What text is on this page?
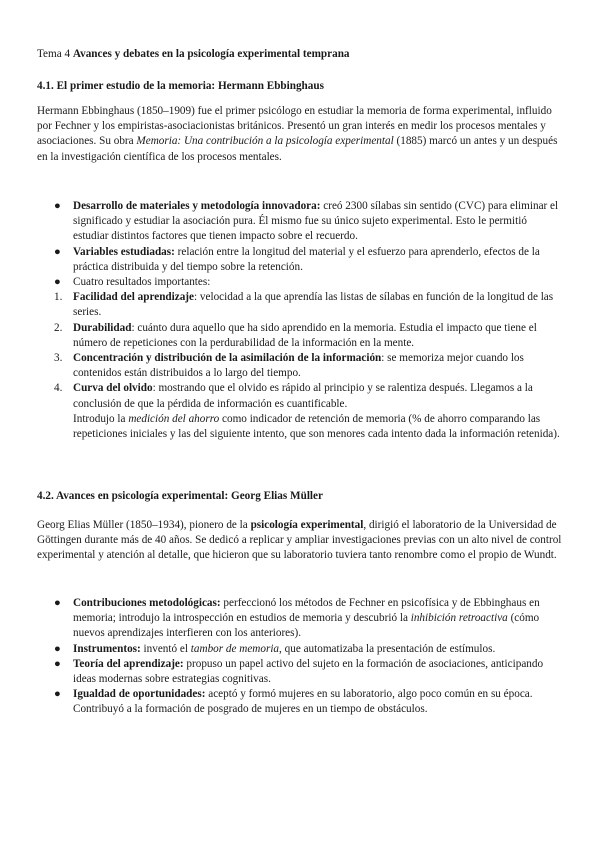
Tema 4 Avances y debates en la psicología experimental temprana

4.1. El primer estudio de la memoria: Hermann Ebbinghaus

Hermann Ebbinghaus (1850–1909) fue el primer psicólogo en estudiar la memoria de forma experimental, influido por Fechner y los empiristas-asociacionistas británicos. Presentó un gran interés en medir los procesos mentales y asociaciones. Su obra Memoria: Una contribución a la psicología experimental (1885) marcó un antes y un después en la investigación científica de los procesos mentales.

●	Desarrollo de materiales y metodología innovadora: creó 2300 sílabas sin sentido (CVC) para eliminar el significado y estudiar la asociación pura. Él mismo fue su único sujeto experimental. Esto le permitió estudiar distintos factores que tienen impacto sobre el recuerdo.
●	Variables estudiadas: relación entre la longitud del material y el esfuerzo para aprenderlo, efectos de la práctica distribuida y del tiempo sobre la retención.
●	Cuatro resultados importantes:
1. Facilidad del aprendizaje: velocidad a la que aprendía las listas de sílabas en función de la longitud de las series.
2. Durabilidad: cuánto dura aquello que ha sido aprendido en la memoria. Estudia el impacto que tiene el número de repeticiones con la perdurabilidad de la información en la mente.
3. Concentración y distribución de la asimilación de la información: se memoriza mejor cuando los contenidos están distribuidos a lo largo del tiempo.
4. Curva del olvido: mostrando que el olvido es rápido al principio y se ralentiza después. Llegamos a la conclusión de que la pérdida de información es cuantificable.
Introdujo la medición del ahorro como indicador de retención de memoria (% de ahorro comparando las repeticiones iniciales y las del siguiente intento, que son menores cada intento dada la información retenida).

4.2. Avances en psicología experimental: Georg Elias Müller

Georg Elias Müller (1850–1934), pionero de la psicología experimental, dirigió el laboratorio de la Universidad de Göttingen durante más de 40 años. Se dedicó a replicar y ampliar investigaciones previas con un alto nivel de control experimental y atención al detalle, que hicieron que su laboratorio tuviera tanto renombre como el propio de Wundt.

●	Contribuciones metodológicas: perfeccionó los métodos de Fechner en psicofísica y de Ebbinghaus en memoria; introdujo la introspección en estudios de memoria y descubrió la inhibición retroactiva (cómo nuevos aprendizajes interfieren con los anteriores).
●	Instrumentos: inventó el tambor de memoria, que automatizaba la presentación de estímulos.
●	Teoría del aprendizaje: propuso un papel activo del sujeto en la formación de asociaciones, anticipando ideas modernas sobre estrategias cognitivas.
●	Igualdad de oportunidades: aceptó y formó mujeres en su laboratorio, algo poco común en su época. Contribuyó a la formación de posgrado de mujeres en un tiempo de obstáculos.
